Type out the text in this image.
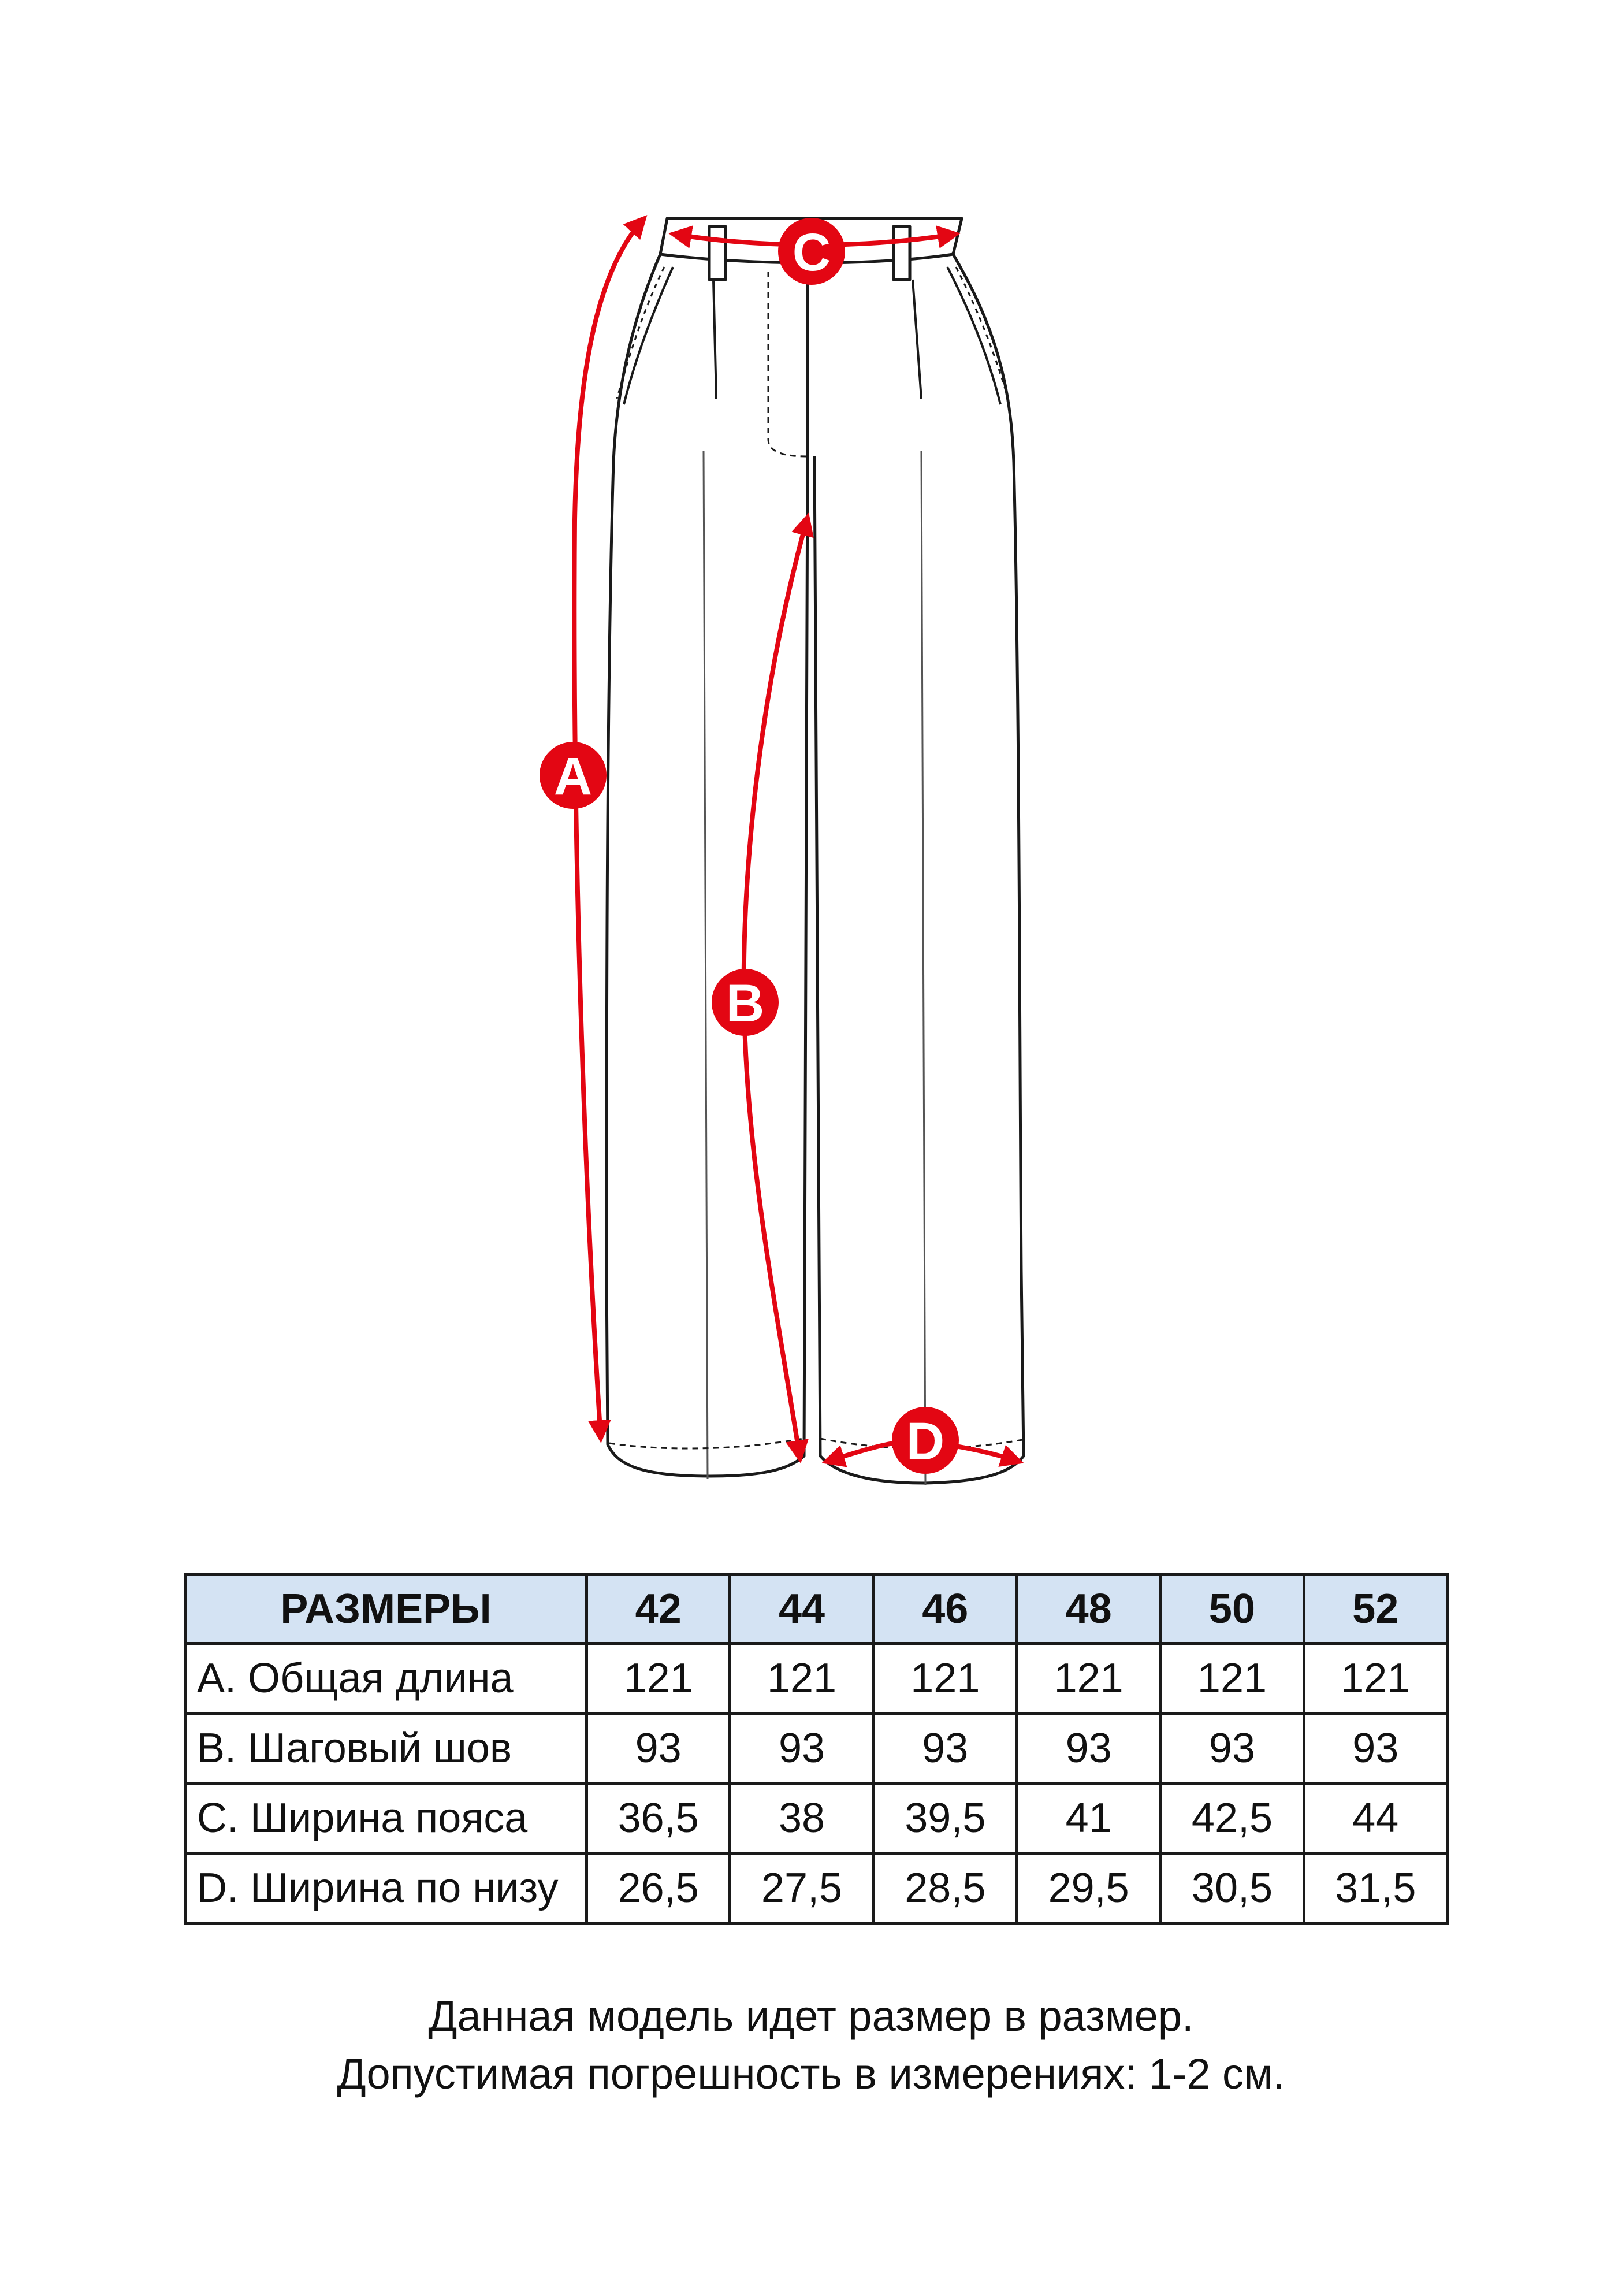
A
B
C
D
РАЗМЕРЫ	42	44	46	48	50	52
A. Общая длина	121	121	121	121	121	121
B. Шаговый шов	93	93	93	93	93	93
C. Ширина пояса	36,5	38	39,5	41	42,5	44
D. Ширина по низу	26,5	27,5	28,5	29,5	30,5	31,5
Данная модель идет размер в размер.
Допустимая погрешность в измерениях: 1-2 см.
